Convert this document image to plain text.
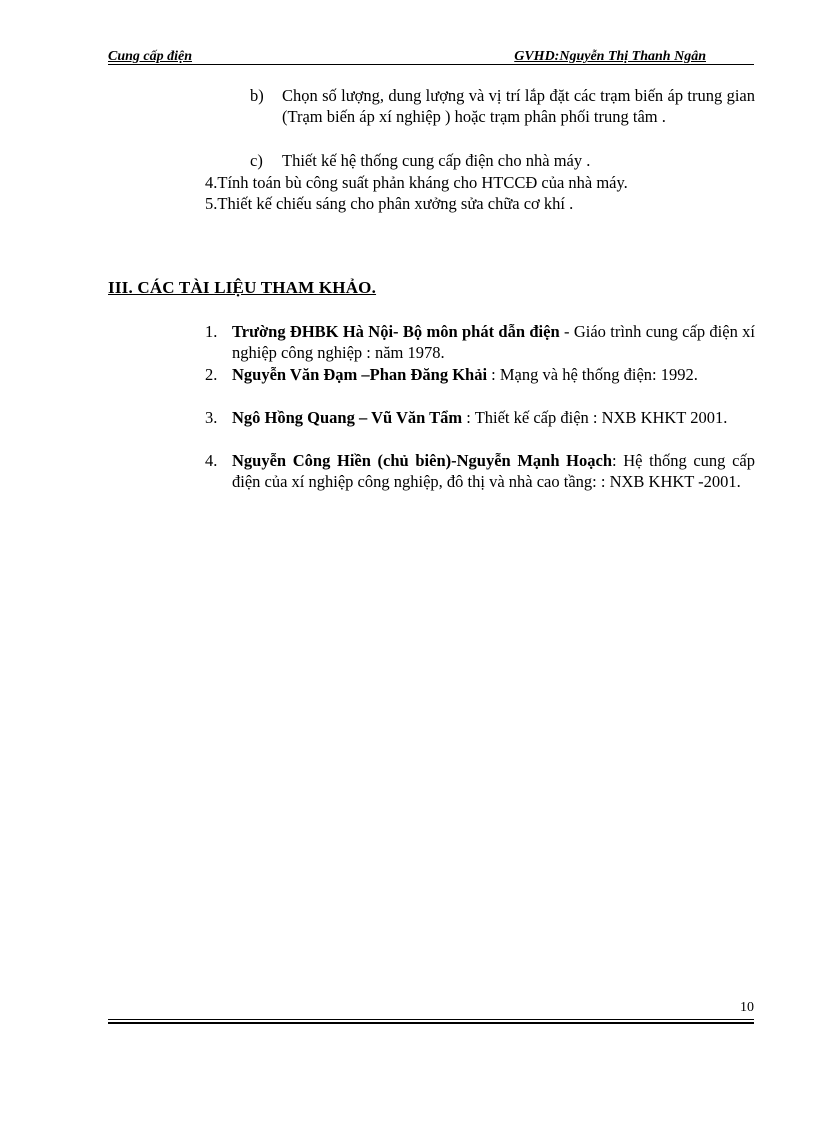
Cung cấp điện	GVHD:Nguyễn Thị Thanh Ngân
b)	Chọn số lượng, dung lượng và vị trí lắp đặt các trạm biến áp trung gian (Trạm biến áp xí nghiệp ) hoặc trạm phân phối trung tâm .
c)	Thiết kế hệ thống cung cấp điện cho nhà máy .
4.Tính toán bù công suất phản kháng cho HTCCĐ của nhà máy.
5.Thiết kế chiếu sáng cho phân xưởng sửa chữa cơ khí .
III. CÁC TÀI LIỆU THAM KHẢO.
1. Trường ĐHBK Hà Nội- Bộ môn phát dẫn điện - Giáo trình cung cấp điện xí nghiệp công nghiệp : năm 1978.
2. Nguyễn Văn Đạm –Phan Đăng Khải : Mạng và hệ thống điện: 1992.
3. Ngô Hồng Quang – Vũ Văn Tẩm : Thiết kế cấp điện : NXB KHKT 2001.
4. Nguyễn Công Hiền (chủ biên)-Nguyễn Mạnh Hoạch: Hệ thống cung cấp điện của xí nghiệp công nghiệp, đô thị và nhà cao tầng: : NXB KHKT -2001.
10
